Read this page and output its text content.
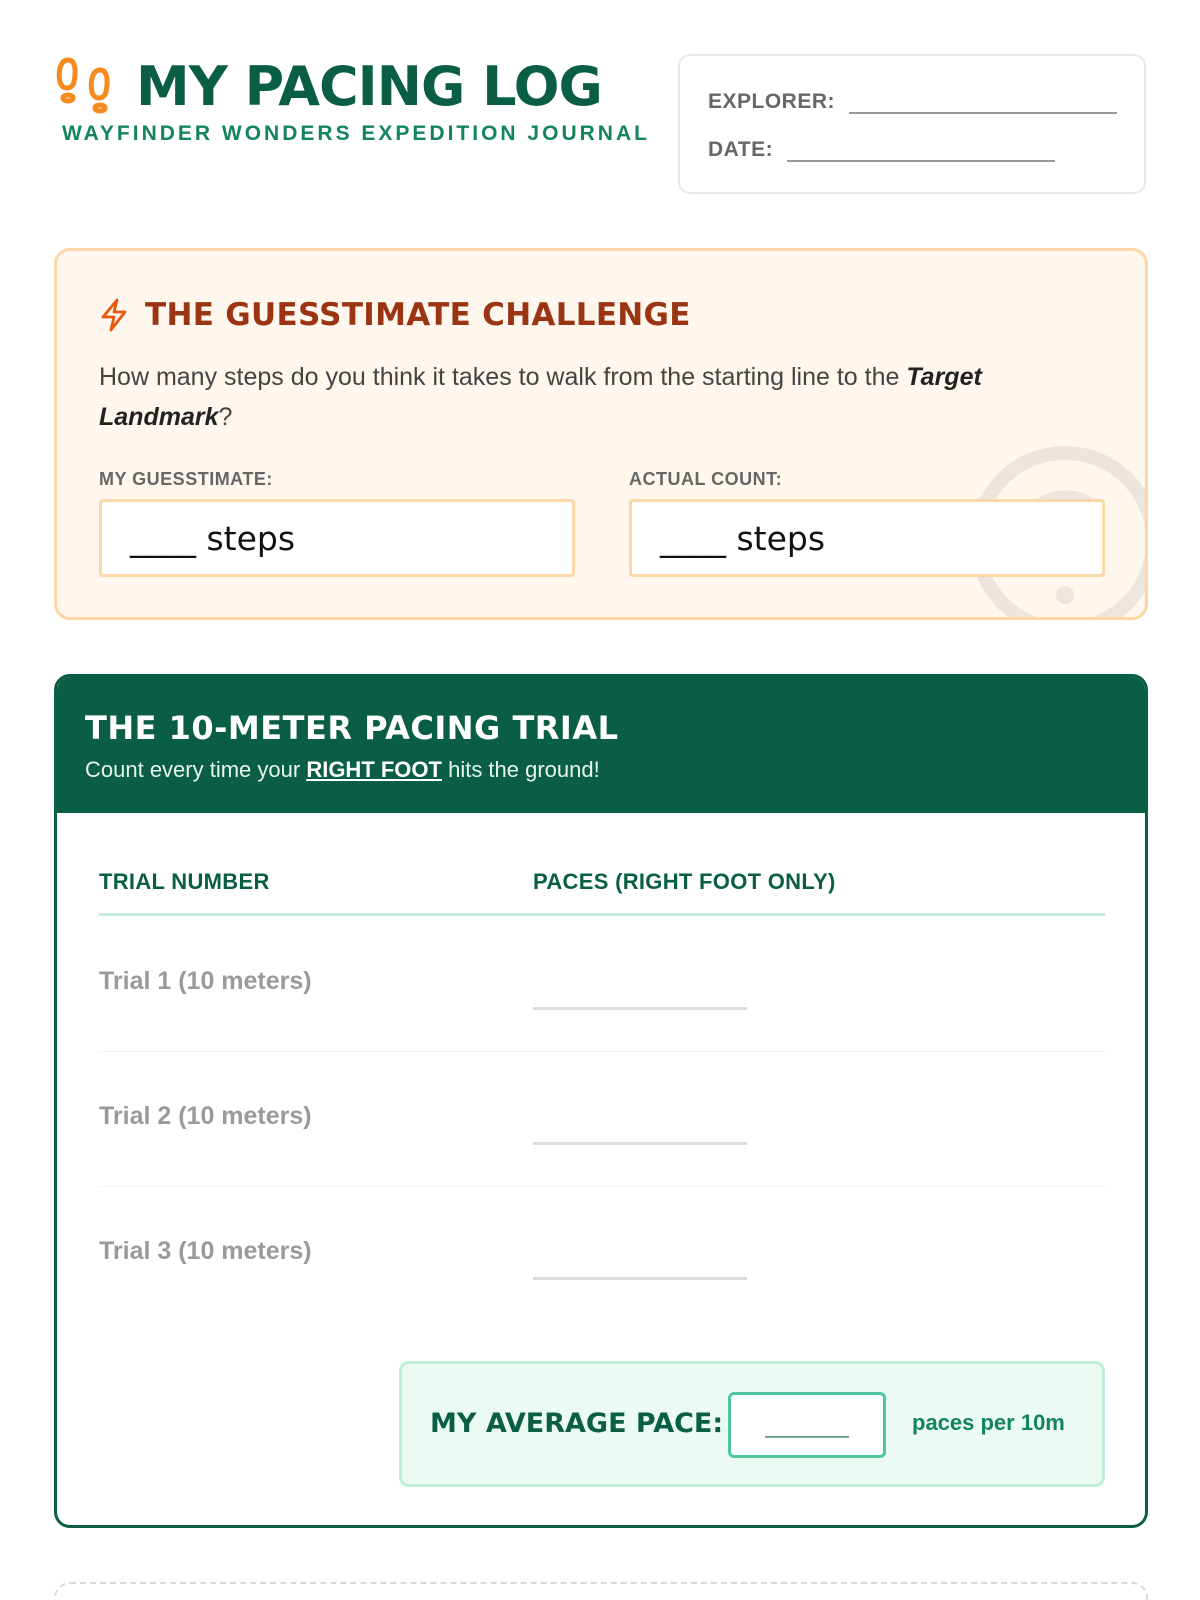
MY PACING LOG
WAYFINDER WONDERS EXPEDITION JOURNAL
EXPLORER:
DATE:
THE GUESSTIMATE CHALLENGE

How many steps do you think it takes to walk from the starting line to the Target Landmark?

MY GUESSTIMATE:	ACTUAL COUNT:
____ steps	____ steps
THE 10-METER PACING TRIAL
Count every time your RIGHT FOOT hits the ground!
TRIAL NUMBER	PACES (RIGHT FOOT ONLY)
Trial 1 (10 meters)
Trial 2 (10 meters)
Trial 3 (10 meters)
MY AVERAGE PACE:	_____	paces per 10m
